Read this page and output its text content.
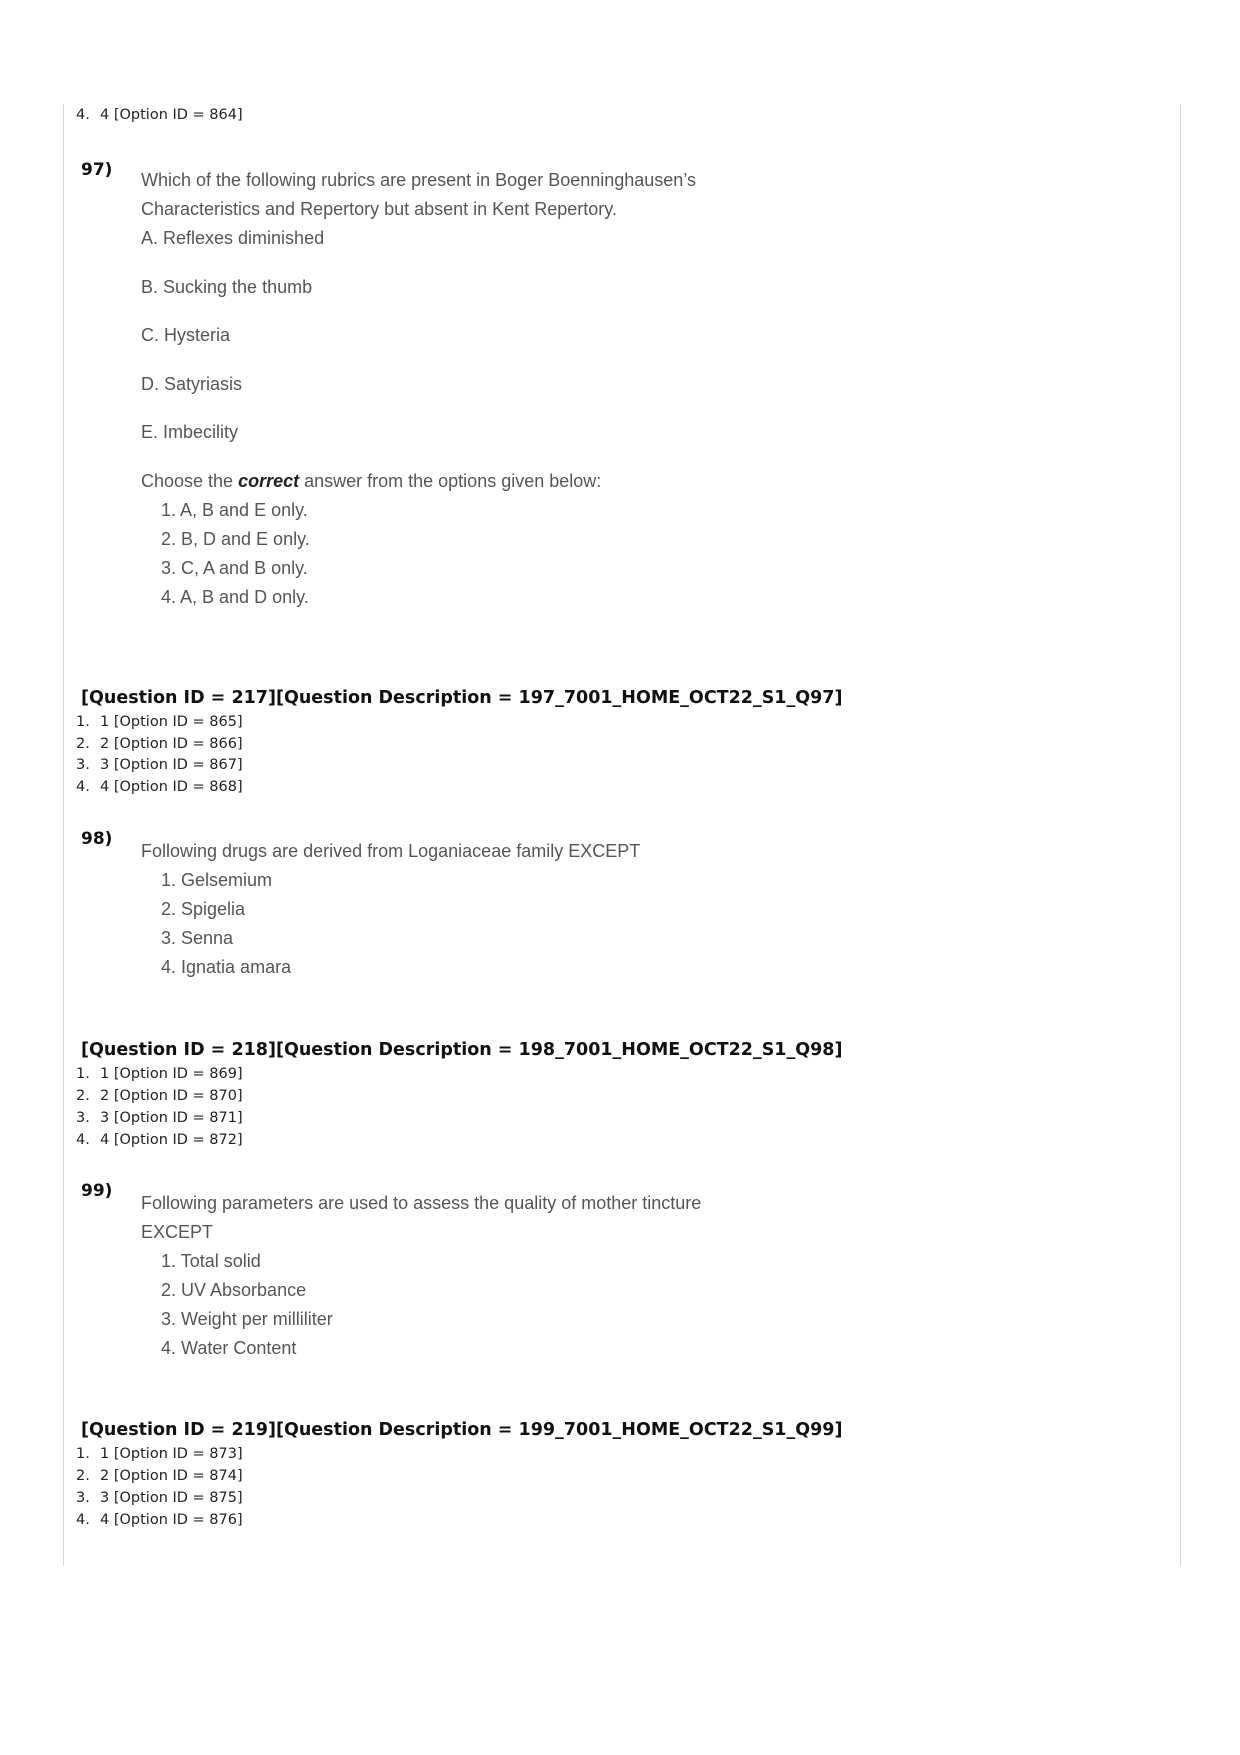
4. 4 [Option ID = 864]
97) Which of the following rubrics are present in Boger Boenninghausen’s
Characteristics and Repertory but absent in Kent Repertory.
A. Reflexes diminished
B. Sucking the thumb
C. Hysteria
D. Satyriasis
E. Imbecility
Choose the correct answer from the options given below:
1. A, B and E only.
2. B, D and E only.
3. C, A and B only.
4. A, B and D only.
[Question ID = 217][Question Description = 197_7001_HOME_OCT22_S1_Q97]
1. 1 [Option ID = 865]
2. 2 [Option ID = 866]
3. 3 [Option ID = 867]
4. 4 [Option ID = 868]
98)
Following drugs are derived from Loganiaceae family EXCEPT
1. Gelsemium
2. Spigelia
3. Senna
4. Ignatia amara
[Question ID = 218][Question Description = 198_7001_HOME_OCT22_S1_Q98]
1. 1 [Option ID = 869]
2. 2 [Option ID = 870]
3. 3 [Option ID = 871]
4. 4 [Option ID = 872]
99)
Following parameters are used to assess the quality of mother tincture
EXCEPT
1. Total solid
2. UV Absorbance
3. Weight per milliliter
4. Water Content
[Question ID = 219][Question Description = 199_7001_HOME_OCT22_S1_Q99]
1. 1 [Option ID = 873]
2. 2 [Option ID = 874]
3. 3 [Option ID = 875]
4. 4 [Option ID = 876]
